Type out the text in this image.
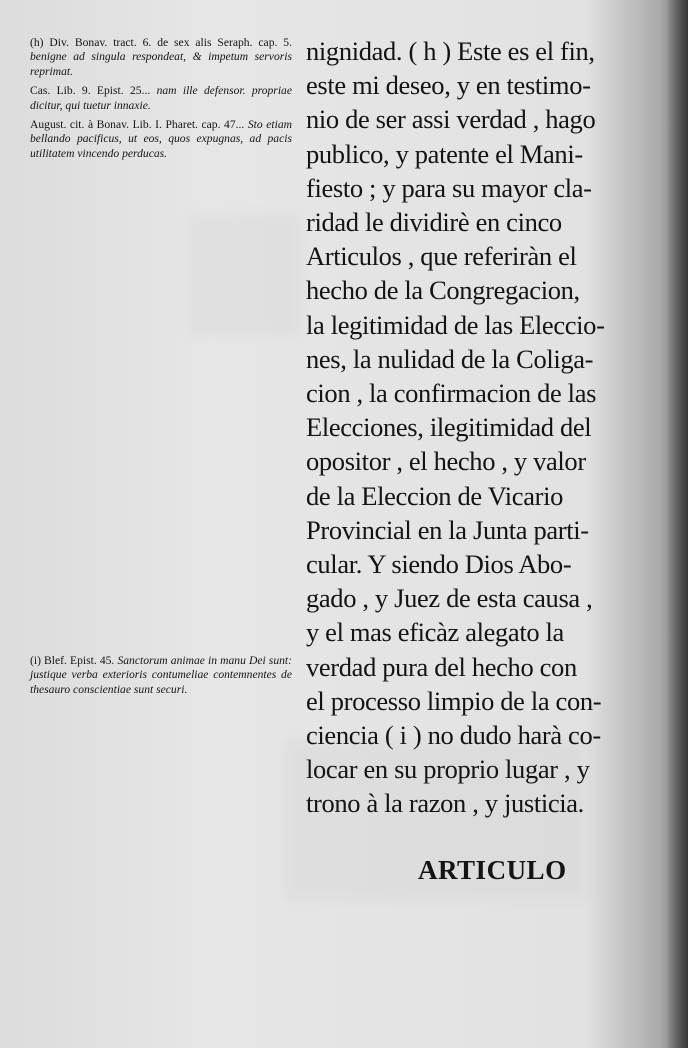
(h) Div. Bonav. tract. 6. de sex alis Seraph. cap. 5. benigne ad singula respondeat, & impetum servoris reprimat.
Cas. Lib. 9. Epist. 25... nam ille defensor. propriae dicitur, qui tuetur innaxie.
August. cit. à Bonav. Lib. I. Pharet. cap. 47... Sto etiam bellando pacificus, ut eos, quos expugnas, ad pacis utilitatem vincendo perducas.
(i) Blef. Epist. 45. Sanctorum animae in manu Dei sunt: justique verba exterioris contumeliae contemnentes de thesauro conscientiae sunt securi.
nignidad. ( h ) Este es el fin,
este mi deseo, y en testimo-
nio de ser assi verdad , hago
publico, y patente el Mani-
fiesto ; y para su mayor cla-
ridad le dividirè en cinco
Articulos , que referiràn el
hecho de la Congregacion,
la legitimidad de las Eleccio-
nes, la nulidad de la Coliga-
cion , la confirmacion de las
Elecciones, ilegitimidad del
opositor , el hecho , y valor
de la Eleccion de Vicario
Provincial en la Junta parti-
cular. Y siendo Dios Abo-
gado , y Juez de esta causa ,
y el mas eficàz alegato la
verdad pura del hecho con
el processo limpio de la con-
ciencia ( i ) no dudo harà co-
locar en su proprio lugar , y
trono à la razon , y justicia.
ARTICULO
